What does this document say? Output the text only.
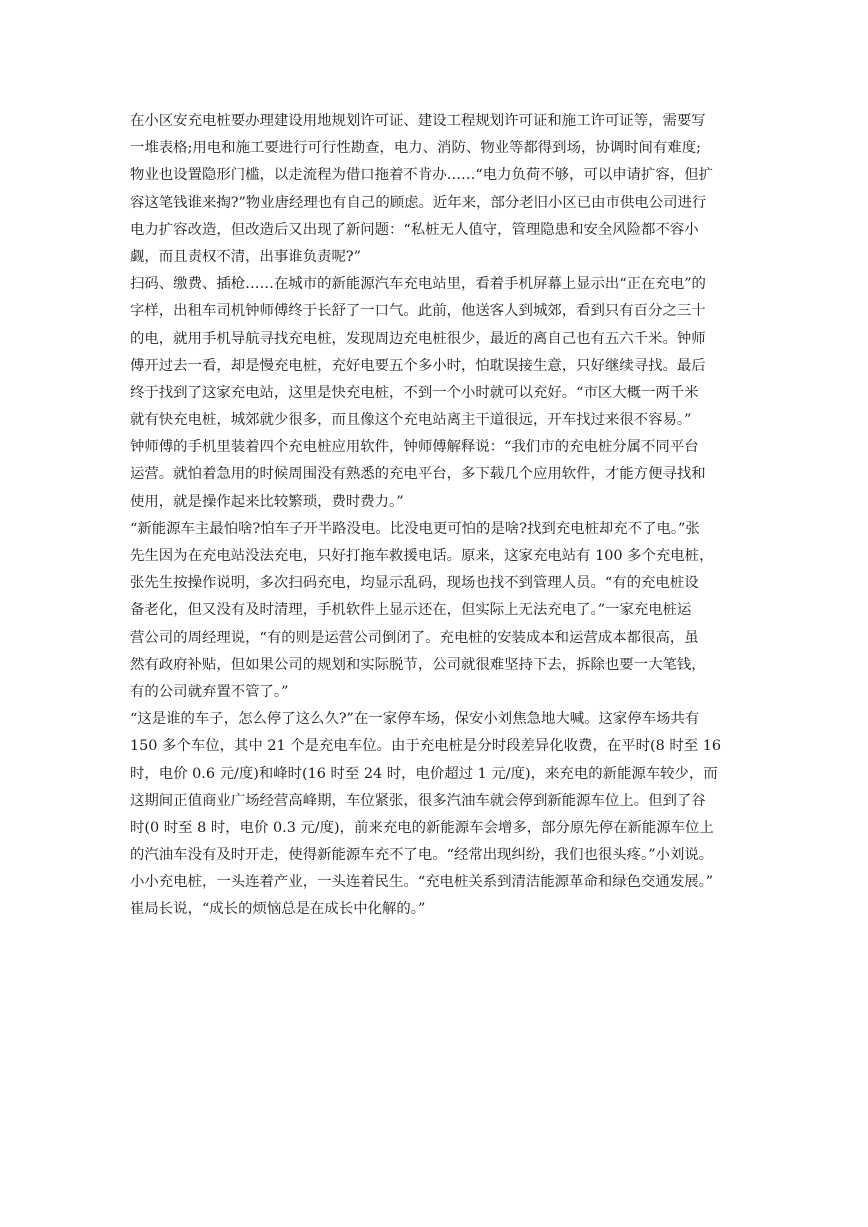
在小区安充电桩要办理建设用地规划许可证、建设工程规划许可证和施工许可证等，需要写
一堆表格;用电和施工要进行可行性勘查，电力、消防、物业等都得到场，协调时间有难度;
物业也设置隐形门槛，以走流程为借口拖着不肯办……“电力负荷不够，可以申请扩容，但扩
容这笔钱谁来掏?”物业唐经理也有自己的顾虑。近年来，部分老旧小区已由市供电公司进行
电力扩容改造，但改造后又出现了新问题：“私桩无人值守，管理隐患和安全风险都不容小
觑，而且责权不清，出事谁负责呢?”
扫码、缴费、插枪……在城市的新能源汽车充电站里，看着手机屏幕上显示出“正在充电”的
字样，出租车司机钟师傅终于长舒了一口气。此前，他送客人到城郊，看到只有百分之三十
的电，就用手机导航寻找充电桩，发现周边充电桩很少，最近的离自己也有五六千米。钟师
傅开过去一看，却是慢充电桩，充好电要五个多小时，怕耽误接生意，只好继续寻找。最后
终于找到了这家充电站，这里是快充电桩，不到一个小时就可以充好。“市区大概一两千米
就有快充电桩，城郊就少很多，而且像这个充电站离主干道很远，开车找过来很不容易。”
钟师傅的手机里装着四个充电桩应用软件，钟师傅解释说：“我们市的充电桩分属不同平台
运营。就怕着急用的时候周围没有熟悉的充电平台，多下载几个应用软件，才能方便寻找和
使用，就是操作起来比较繁琐，费时费力。”
“新能源车主最怕啥?怕车子开半路没电。比没电更可怕的是啥?找到充电桩却充不了电。”张
先生因为在充电站没法充电，只好打拖车救援电话。原来，这家充电站有 100 多个充电桩，
张先生按操作说明，多次扫码充电，均显示乱码，现场也找不到管理人员。“有的充电桩设
备老化，但又没有及时清理，手机软件上显示还在，但实际上无法充电了。”一家充电桩运
营公司的周经理说，“有的则是运营公司倒闭了。充电桩的安装成本和运营成本都很高，虽
然有政府补贴，但如果公司的规划和实际脱节，公司就很难坚持下去，拆除也要一大笔钱，
有的公司就弃置不管了。”
“这是谁的车子，怎么停了这么久?”在一家停车场，保安小刘焦急地大喊。这家停车场共有
150 多个车位，其中 21 个是充电车位。由于充电桩是分时段差异化收费，在平时(8 时至 16
时，电价 0.6 元/度)和峰时(16 时至 24 时，电价超过 1 元/度)，来充电的新能源车较少，而
这期间正值商业广场经营高峰期，车位紧张，很多汽油车就会停到新能源车位上。但到了谷
时(0 时至 8 时，电价 0.3 元/度)，前来充电的新能源车会增多，部分原先停在新能源车位上
的汽油车没有及时开走，使得新能源车充不了电。“经常出现纠纷，我们也很头疼。”小刘说。
小小充电桩，一头连着产业，一头连着民生。“充电桩关系到清洁能源革命和绿色交通发展。”
崔局长说，“成长的烦恼总是在成长中化解的。”
